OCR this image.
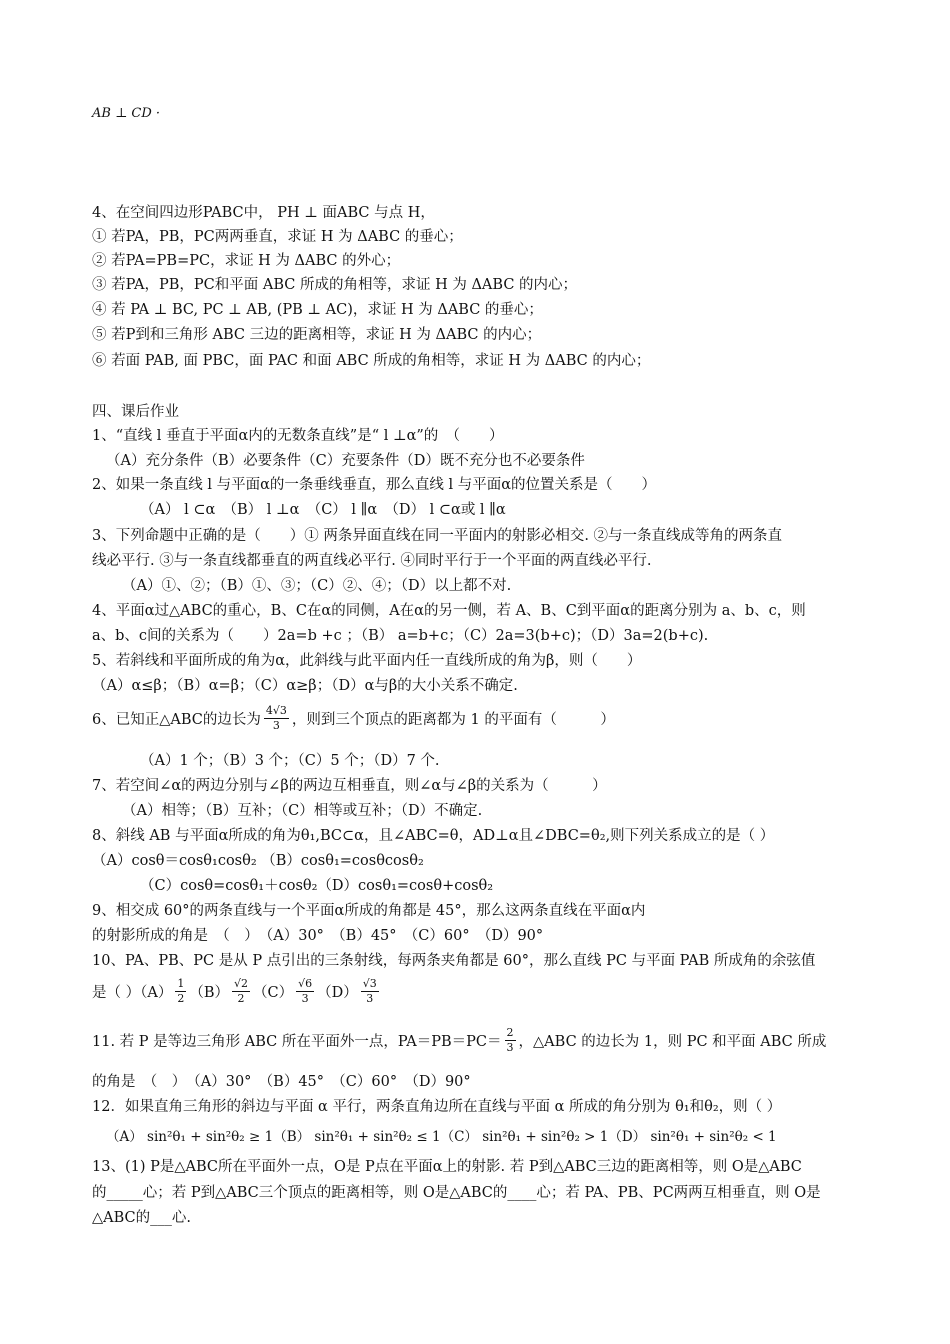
AB ⊥ CD ·
4、在空间四边形PABC中， PH ⊥ 面ABC 与点 H，
① 若PA，PB，PC两两垂直，求证 H 为 ΔABC 的垂心；
② 若PA=PB=PC，求证 H 为 ΔABC 的外心；
③ 若PA，PB，PC和平面 ABC 所成的角相等，求证 H 为 ΔABC 的内心；
④ 若 PA ⊥ BC, PC ⊥ AB, (PB ⊥ AC)，求证 H 为 ΔABC 的垂心；
⑤ 若P到和三角形 ABC 三边的距离相等，求证 H 为 ΔABC 的内心；
⑥ 若面 PAB, 面 PBC，面 PAC 和面 ABC 所成的角相等，求证 H 为 ΔABC 的内心；
四、课后作业
1、“直线 l 垂直于平面α内的无数条直线”是“ l ⊥α”的　（　　）
（A）充分条件（B）必要条件（C）充要条件（D）既不充分也不必要条件
2、如果一条直线 l 与平面α的一条垂线垂直，那么直线 l 与平面α的位置关系是（　　）
（A） l ⊂α　（B） l ⊥α　（C） l ∥α　（D） l ⊂α或 l ∥α
3、下列命题中正确的是（　　）① 两条异面直线在同一平面内的射影必相交. ②与一条直线成等角的两条直
线必平行. ③与一条直线都垂直的两直线必平行. ④同时平行于一个平面的两直线必平行.
（A）①、②；（B）①、③；（C）②、④；（D）以上都不对.
4、平面α过△ABC的重心，B、C在α的同侧，A在α的另一侧，若 A、B、C到平面α的距离分别为 a、b、c，则
a、b、c间的关系为（　　）2a=b +c ；（B） a=b+c；（C）2a=3(b+c)；（D）3a=2(b+c).
5、若斜线和平面所成的角为α，此斜线与此平面内任一直线所成的角为β，则（　　）
（A）α≤β；（B）α=β；（C）α≥β；（D）α与β的大小关系不确定.
6、已知正△ABC的边长为 $\frac{4√3}{3}$ ，则到三个顶点的距离都为 1 的平面有（　　　）
（A）1 个；（B）3 个；（C）5 个；（D）7 个.
7、若空间∠α的两边分别与∠β的两边互相垂直，则∠α与∠β的关系为（　　　）
（A）相等；（B）互补；（C）相等或互补；（D）不确定.
8、斜线 AB 与平面α所成的角为θ₁,BC⊂α，且∠ABC=θ，AD⊥α且∠DBC=θ₂,则下列关系成立的是（ ）
（A）cosθ＝cosθ₁cosθ₂ （B）cosθ₁=cosθcosθ₂
（C）cosθ=cosθ₁＋cosθ₂（D）cosθ₁=cosθ+cosθ₂
9、相交成 60°的两条直线与一个平面α所成的角都是 45°，那么这两条直线在平面α内
的射影所成的角是　（　）　（A）30°　（B）45°　（C）60°　（D）90°
10、PA、PB、PC 是从 P 点引出的三条射线，每两条夹角都是 60°，那么直线 PC 与平面 PAB 所成角的余弦值
是（ ）$(A) \frac{1}{2} (B) \frac{√2}{2} (C) \frac{√6}{3} (D) \frac{√3}{3}$
11. 若 P 是等边三角形 ABC 所在平面外一点，$PA=PB=PC= \frac{2}{3}$ ，△ABC 的边长为 1，则 PC 和平面 ABC 所成
的角是　（　）　（A）30°　（B）45°　（C）60°　（D）90°
12．如果直角三角形的斜边与平面 α 平行，两条直角边所在直线与平面 α 所成的角分别为 θ₁和θ₂，则（ ）
（A） sin²θ₁ + sin²θ₂ ≥ 1（B） sin²θ₁ + sin²θ₂ ≤ 1（C） sin²θ₁ + sin²θ₂ > 1（D） sin²θ₁ + sin²θ₂ < 1
13、(1) P是△ABC所在平面外一点，O是 P点在平面α上的射影. 若 P到△ABC三边的距离相等，则 O是△ABC
的_____心；若 P到△ABC三个顶点的距离相等，则 O是△ABC的____心；若 PA、PB、PC两两互相垂直，则 O是
△ABC的___心.
